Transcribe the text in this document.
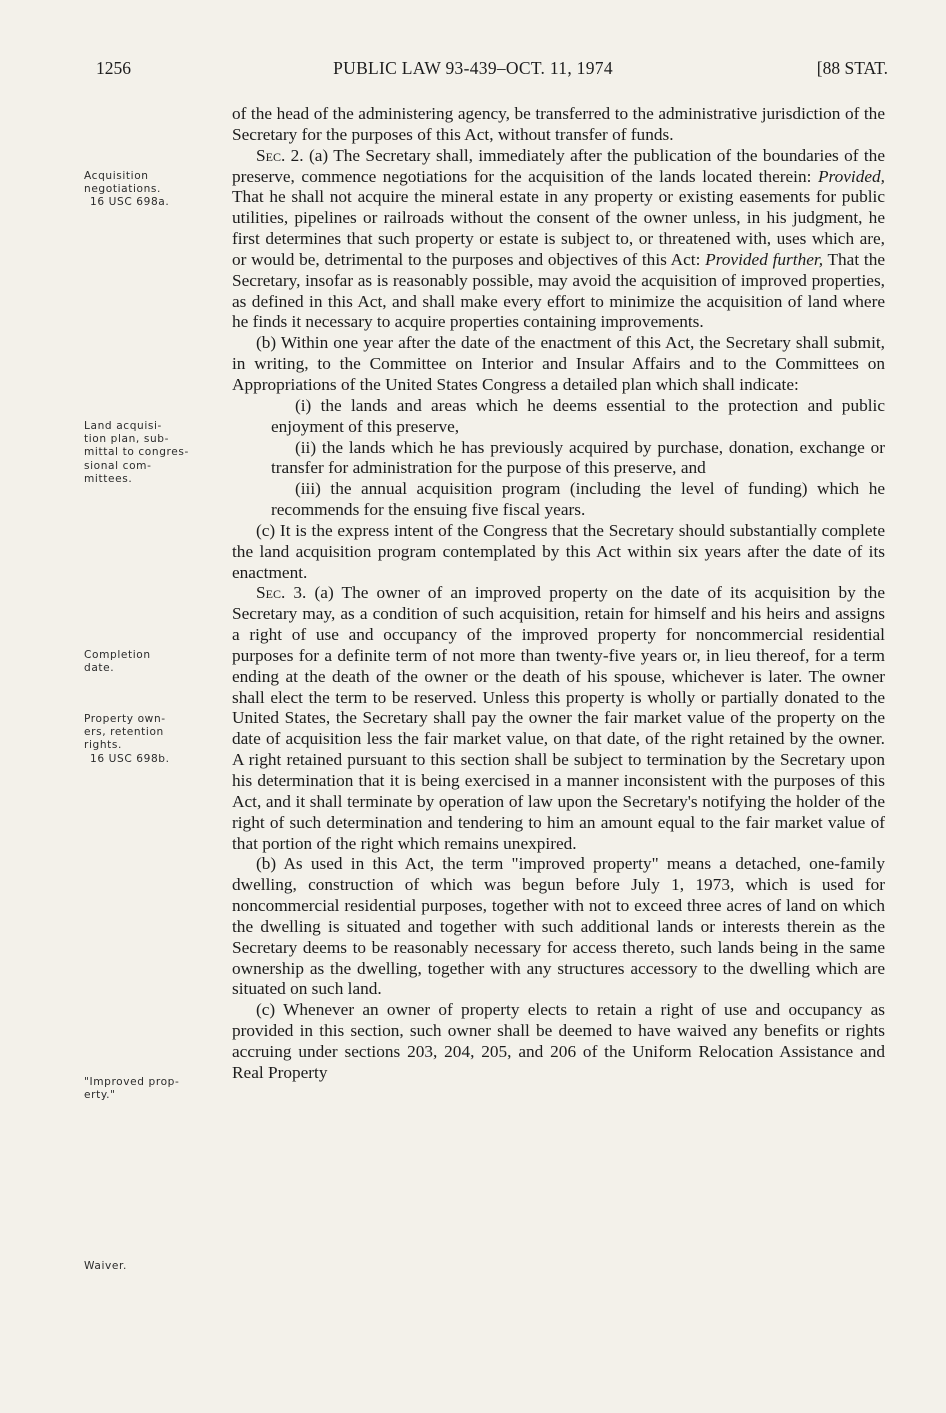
1256	PUBLIC LAW 93-439–OCT. 11, 1974	[88 STAT.
Acquisition
negotiations.
16 USC 698a.
Land acquisi-
tion plan, sub-
mittal to congres-
sional com-
mittees.
Completion
date.
Property own-
ers, retention
rights.
16 USC 698b.
"Improved prop-
erty."
Waiver.

of the head of the administering agency, be transferred to the administrative jurisdiction of the Secretary for the purposes of this Act, without transfer of funds.

Sec. 2. (a) The Secretary shall, immediately after the publication of the boundaries of the preserve, commence negotiations for the acquisition of the lands located therein: Provided, That he shall not acquire the mineral estate in any property or existing easements for public utilities, pipelines or railroads without the consent of the owner unless, in his judgment, he first determines that such property or estate is subject to, or threatened with, uses which are, or would be, detrimental to the purposes and objectives of this Act: Provided further, That the Secretary, insofar as is reasonably possible, may avoid the acquisition of improved properties, as defined in this Act, and shall make every effort to minimize the acquisition of land where he finds it necessary to acquire properties containing improvements.

(b) Within one year after the date of the enactment of this Act, the Secretary shall submit, in writing, to the Committee on Interior and Insular Affairs and to the Committees on Appropriations of the United States Congress a detailed plan which shall indicate:

(i) the lands and areas which he deems essential to the protection and public enjoyment of this preserve,

(ii) the lands which he has previously acquired by purchase, donation, exchange or transfer for administration for the purpose of this preserve, and

(iii) the annual acquisition program (including the level of funding) which he recommends for the ensuing five fiscal years.

(c) It is the express intent of the Congress that the Secretary should substantially complete the land acquisition program contemplated by this Act within six years after the date of its enactment.

Sec. 3. (a) The owner of an improved property on the date of its acquisition by the Secretary may, as a condition of such acquisition, retain for himself and his heirs and assigns a right of use and occupancy of the improved property for noncommercial residential purposes for a definite term of not more than twenty-five years or, in lieu thereof, for a term ending at the death of the owner or the death of his spouse, whichever is later. The owner shall elect the term to be reserved. Unless this property is wholly or partially donated to the United States, the Secretary shall pay the owner the fair market value of the property on the date of acquisition less the fair market value, on that date, of the right retained by the owner. A right retained pursuant to this section shall be subject to termination by the Secretary upon his determination that it is being exercised in a manner inconsistent with the purposes of this Act, and it shall terminate by operation of law upon the Secretary's notifying the holder of the right of such determination and tendering to him an amount equal to the fair market value of that portion of the right which remains unexpired.

(b) As used in this Act, the term "improved property" means a detached, one-family dwelling, construction of which was begun before July 1, 1973, which is used for noncommercial residential purposes, together with not to exceed three acres of land on which the dwelling is situated and together with such additional lands or interests therein as the Secretary deems to be reasonably necessary for access thereto, such lands being in the same ownership as the dwelling, together with any structures accessory to the dwelling which are situated on such land.

(c) Whenever an owner of property elects to retain a right of use and occupancy as provided in this section, such owner shall be deemed to have waived any benefits or rights accruing under sections 203, 204, 205, and 206 of the Uniform Relocation Assistance and Real Property
